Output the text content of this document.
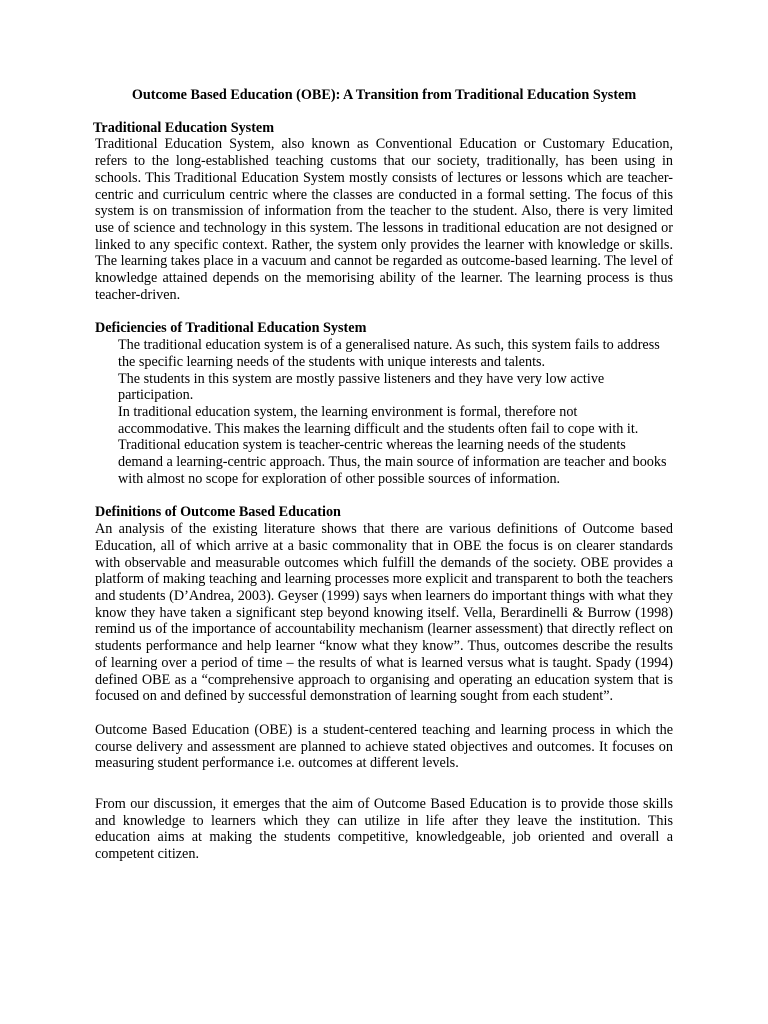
Outcome Based Education (OBE): A Transition from Traditional Education System

Traditional Education System

Traditional Education System, also known as Conventional Education or Customary Education, refers to the long-established teaching customs that our society, traditionally, has been using in schools. This Traditional Education System mostly consists of lectures or lessons which are teacher-centric and curriculum centric where the classes are conducted in a formal setting. The focus of this system is on transmission of information from the teacher to the student. Also, there is very limited use of science and technology in this system. The lessons in traditional education are not designed or linked to any specific context. Rather, the system only provides the learner with knowledge or skills. The learning takes place in a vacuum and cannot be regarded as outcome-based learning. The level of knowledge attained depends on the memorising ability of the learner. The learning process is thus teacher-driven.

Deficiencies of Traditional Education System

The traditional education system is of a generalised nature. As such, this system fails to address the specific learning needs of the students with unique interests and talents.
The students in this system are mostly passive listeners and they have very low active participation.
In traditional education system, the learning environment is formal, therefore not accommodative. This makes the learning difficult and the students often fail to cope with it.
Traditional education system is teacher-centric whereas the learning needs of the students demand a learning-centric approach. Thus, the main source of information are teacher and books with almost no scope for exploration of other possible sources of information.

Definitions of Outcome Based Education

An analysis of the existing literature shows that there are various definitions of Outcome based Education, all of which arrive at a basic commonality that in OBE the focus is on clearer standards with observable and measurable outcomes which fulfill the demands of the society. OBE provides a platform of making teaching and learning processes more explicit and transparent to both the teachers and students (D’Andrea, 2003). Geyser (1999) says when learners do important things with what they know they have taken a significant step beyond knowing itself. Vella, Berardinelli & Burrow (1998) remind us of the importance of accountability mechanism (learner assessment) that directly reflect on students performance and help learner “know what they know”. Thus, outcomes describe the results of learning over a period of time – the results of what is learned versus what is taught. Spady (1994) defined OBE as a “comprehensive approach to organising and operating an education system that is focused on and defined by successful demonstration of learning sought from each student”.

Outcome Based Education (OBE) is a student-centered teaching and learning process in which the course delivery and assessment are planned to achieve stated objectives and outcomes. It focuses on measuring student performance i.e. outcomes at different levels.

From our discussion, it emerges that the aim of Outcome Based Education is to provide those skills and knowledge to learners which they can utilize in life after they leave the institution. This education aims at making the students competitive, knowledgeable, job oriented and overall a competent citizen.
